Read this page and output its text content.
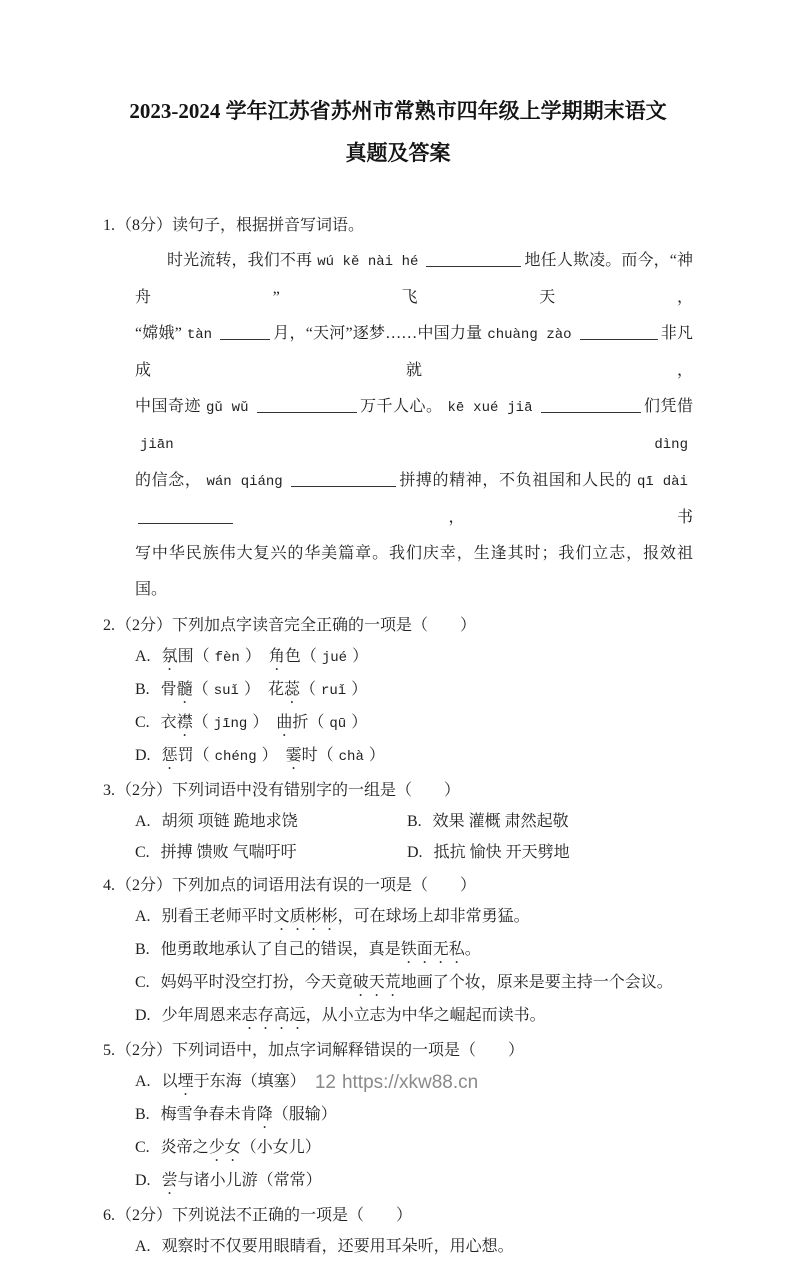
2023-2024 学年江苏省苏州市常熟市四年级上学期期末语文
真题及答案
1.（8分）读句子，根据拼音写词语。
时光流转，我们不再 wú kě nài hé	地任人欺凌。而今，“神舟”飞天，
“嫦娥” tàn	月，“天河”逐梦……中国力量 chuàng zào	非凡成就，
中国奇迹 gǔ wǔ	万千人心。 kē xué jiā	们凭借jiān dìng
的信念， wán qiáng	拼搏的精神，不负祖国和人民的 qī dài，书
写中华民族伟大复兴的华美篇章。我们庆幸，生逢其时；我们立志，报效祖国。
2.（2分）下列加点字读音完全正确的一项是（　　）
A. 氛围（ fèn ）　角色（ jué ）
B. 骨髓（ suǐ ）　花蕊（ ruǐ ）
C. 衣襟（ jīng ）　曲折（ qū ）
D. 惩罚（ chéng ）　霎时（ chà ）
3.（2分）下列词语中没有错别字的一组是（　　）
A. 胡须 项链 跪地求饶	B. 效果 灌概 肃然起敬
C. 拼搏 馈败 气喘吁吁	D. 抵抗 愉快 开天劈地
4.（2分）下列加点的词语用法有误的一项是（　　）
A. 别看王老师平时文质彬彬，可在球场上却非常勇猛。
B. 他勇敢地承认了自己的错误，真是铁面无私。
C. 妈妈平时没空打扮，今天竟破天荒地画了个妆，原来是要主持一个会议。
D. 少年周恩来志存高远，从小立志为中华之崛起而读书。
5.（2分）下列词语中，加点字词解释错误的一项是（　　）
A. 以堙于东海（填塞）
B. 梅雪争春未肯降（服输）
C. 炎帝之少女（小女儿）
D. 尝与诸小儿游（常常）
6.（2分）下列说法不正确的一项是（　　）
A. 观察时不仅要用眼睛看，还要用耳朵听，用心想。
12 https://xkw88.cn
